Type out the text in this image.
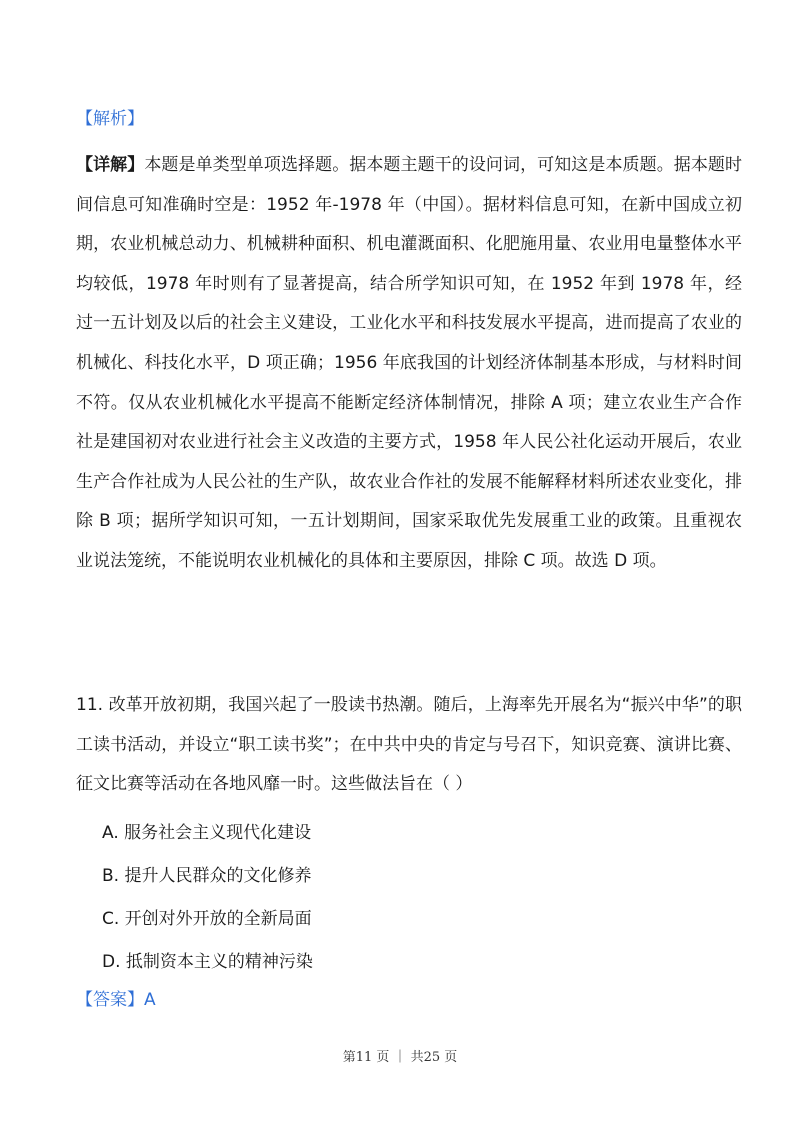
【解析】
【详解】本题是单类型单项选择题。据本题主题干的设问词，可知这是本质题。据本题时间信息可知准确时空是：1952 年-1978 年（中国）。据材料信息可知，在新中国成立初期，农业机械总动力、机械耕种面积、机电灌溉面积、化肥施用量、农业用电量整体水平均较低，1978 年时则有了显著提高，结合所学知识可知，在 1952 年到 1978 年，经过一五计划及以后的社会主义建设，工业化水平和科技发展水平提高，进而提高了农业的机械化、科技化水平，D 项正确；1956 年底我国的计划经济体制基本形成，与材料时间不符。仅从农业机械化水平提高不能断定经济体制情况，排除 A 项；建立农业生产合作社是建国初对农业进行社会主义改造的主要方式，1958 年人民公社化运动开展后，农业生产合作社成为人民公社的生产队，故农业合作社的发展不能解释材料所述农业变化，排除 B 项；据所学知识可知，一五计划期间，国家采取优先发展重工业的政策。且重视农业说法笼统，不能说明农业机械化的具体和主要原因，排除 C 项。故选 D 项。
11. 改革开放初期，我国兴起了一股读书热潮。随后，上海率先开展名为“振兴中华”的职工读书活动，并设立“职工读书奖”；在中共中央的肯定与号召下，知识竞赛、演讲比赛、征文比赛等活动在各地风靡一时。这些做法旨在（ ）
A. 服务社会主义现代化建设
B. 提升人民群众的文化修养
C. 开创对外开放的全新局面
D. 抵制资本主义的精神污染
【答案】A
第11 页 ｜ 共25 页
